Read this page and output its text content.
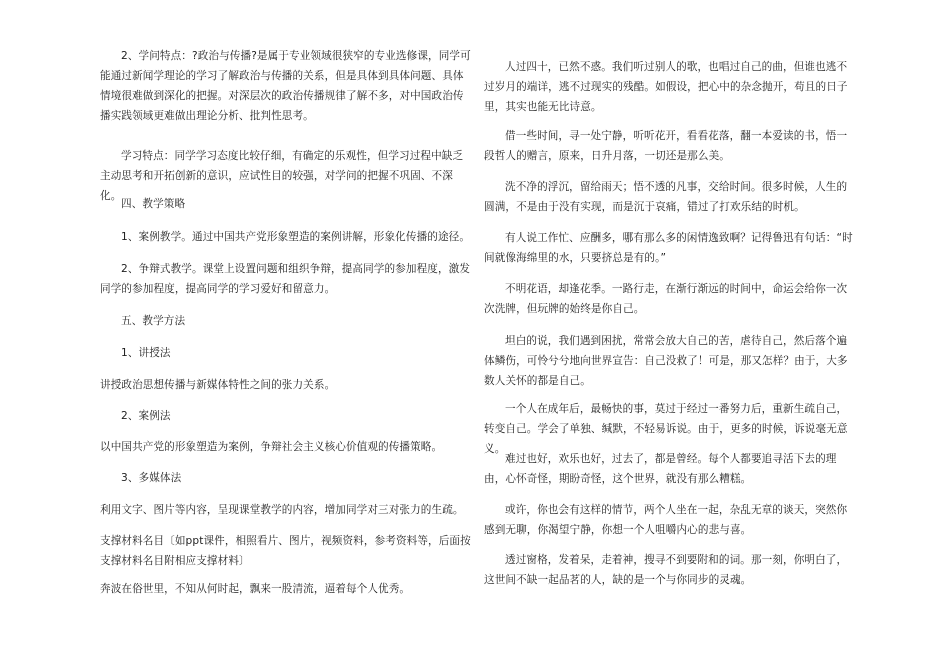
2、学问特点：?政治与传播?是属于专业领域很狭窄的专业选修课，同学可能通过新闻学理论的学习了解政治与传播的关系，但是具体到具体问题、具体情境很难做到深化的把握。对深层次的政治传播规律了解不多，对中国政治传播实践领域更难做出理论分析、批判性思考。

学习特点：同学学习态度比较仔细，有确定的乐观性，但学习过程中缺乏主动思考和开拓创新的意识，应试性目的较强，对学问的把握不巩固、不深化。

四、教学策略

1、案例教学。通过中国共产党形象塑造的案例讲解，形象化传播的途径。

2、争辩式教学。课堂上设置问题和组织争辩，提高同学的参加程度，激发同学的参加程度，提高同学的学习爱好和留意力。

五、教学方法

1、讲授法

讲授政治思想传播与新媒体特性之间的张力关系。

2、案例法

以中国共产党的形象塑造为案例，争辩社会主义核心价值观的传播策略。

3、多媒体法

利用文字、图片等内容，呈现课堂教学的内容，增加同学对三对张力的生疏。

支撑材料名目〔如ppt课件，相照看片、图片，视频资料，参考资料等，后面按支撑材料名目附相应支撑材料〕

奔波在俗世里，不知从何时起，飘来一股清流，逼着每个人优秀。

人过四十，已然不惑。我们听过别人的歌，也唱过自己的曲，但谁也逃不过岁月的端详，逃不过现实的残酷。如假设，把心中的杂念抛开，苟且的日子里，其实也能无比诗意。

借一些时间，寻一处宁静，听听花开，看看花落，翻一本爱读的书，悟一段哲人的赠言，原来，日升月落，一切还是那么美。

洗不净的浮沉，留给雨天；悟不透的凡事，交给时间。很多时候，人生的圆满，不是由于没有实现，而是沉于哀痛，错过了打欢乐结的时机。

有人说工作忙、应酬多，哪有那么多的闲情逸致啊？记得鲁迅有句话：“时间就像海绵里的水，只要挤总是有的。”

不明花语，却逢花季。一路行走，在渐行渐远的时间中，命运会给你一次次洗牌，但玩牌的始终是你自己。

坦白的说，我们遇到困扰，常常会放大自己的苦，虐待自己，然后落个遍体鳞伤，可怜兮兮地向世界宣告：自己没救了！可是，那又怎样？由于，大多数人关怀的都是自己。

一个人在成年后，最畅快的事，莫过于经过一番努力后，重新生疏自己，转变自己。学会了单独、缄默，不轻易诉说。由于，更多的时候，诉说毫无意义。

难过也好，欢乐也好，过去了，都是曾经。每个人都要追寻活下去的理由，心怀奇怪，期盼奇怪，这个世界，就没有那么糟糕。

或许，你也会有这样的情节，两个人坐在一起，杂乱无章的谈天，突然你感到无聊，你渴望宁静，你想一个人咀嚼内心的悲与喜。

透过窗格，发着呆，走着神，搜寻不到要附和的词。那一刻，你明白了，这世间不缺一起品茗的人，缺的是一个与你同步的灵魂。
